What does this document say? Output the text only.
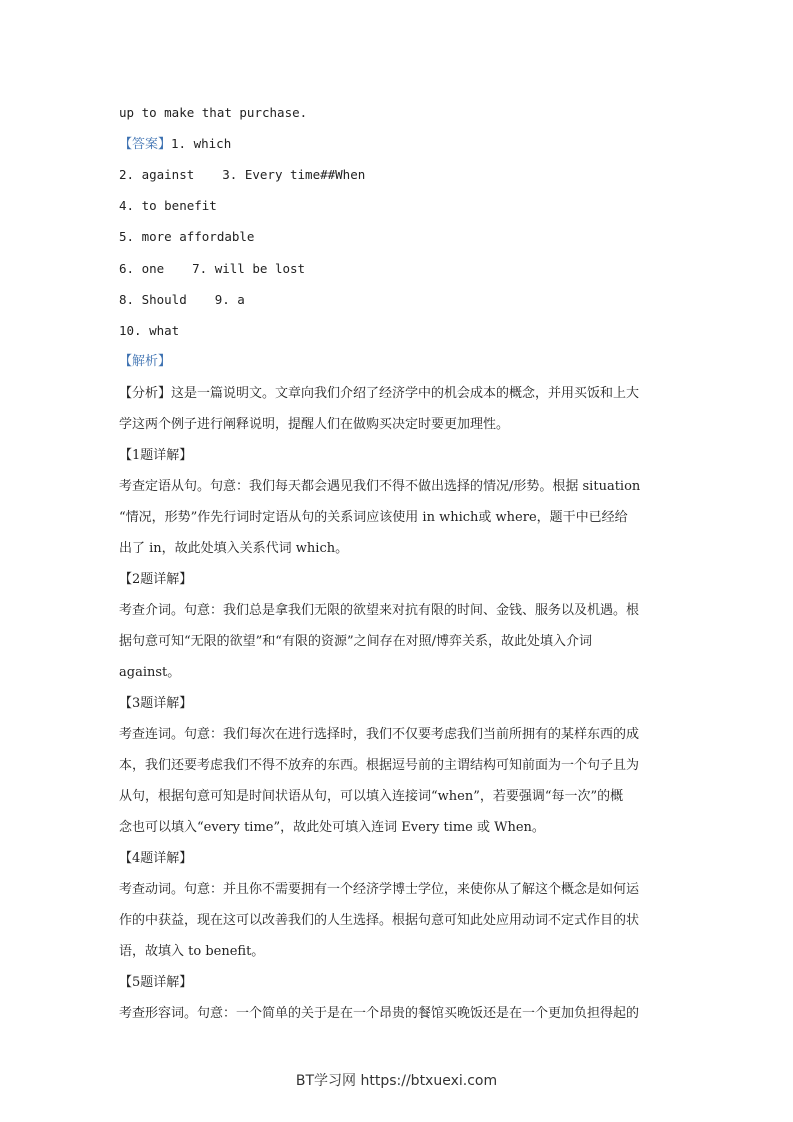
up to make that purchase.
【答案】1. which
2. against 3. Every time##When
4. to benefit
5. more affordable
6. one 7. will be lost
8. Should 9. a
10. what
【解析】
【分析】这是一篇说明文。文章向我们介绍了经济学中的机会成本的概念，并用买饭和上大
学这两个例子进行阐释说明，提醒人们在做购买决定时要更加理性。
【1题详解】
考查定语从句。句意：我们每天都会遇见我们不得不做出选择的情况/形势。根据 situation
“情况，形势”作先行词时定语从句的关系词应该使用 in which或 where，题干中已经给
出了 in，故此处填入关系代词 which。
【2题详解】
考查介词。句意：我们总是拿我们无限的欲望来对抗有限的时间、金钱、服务以及机遇。根
据句意可知“无限的欲望”和“有限的资源”之间存在对照/博弈关系，故此处填入介词
against。
【3题详解】
考查连词。句意：我们每次在进行选择时，我们不仅要考虑我们当前所拥有的某样东西的成
本，我们还要考虑我们不得不放弃的东西。根据逗号前的主谓结构可知前面为一个句子且为
从句，根据句意可知是时间状语从句，可以填入连接词“when”，若要强调“每一次”的概
念也可以填入“every time”，故此处可填入连词 Every time 或 When。
【4题详解】
考查动词。句意：并且你不需要拥有一个经济学博士学位，来使你从了解这个概念是如何运
作的中获益，现在这可以改善我们的人生选择。根据句意可知此处应用动词不定式作目的状
语，故填入 to benefit。
【5题详解】
考查形容词。句意：一个简单的关于是在一个昂贵的餐馆买晚饭还是在一个更加负担得起的
BT学习网 https://btxuexi.com
